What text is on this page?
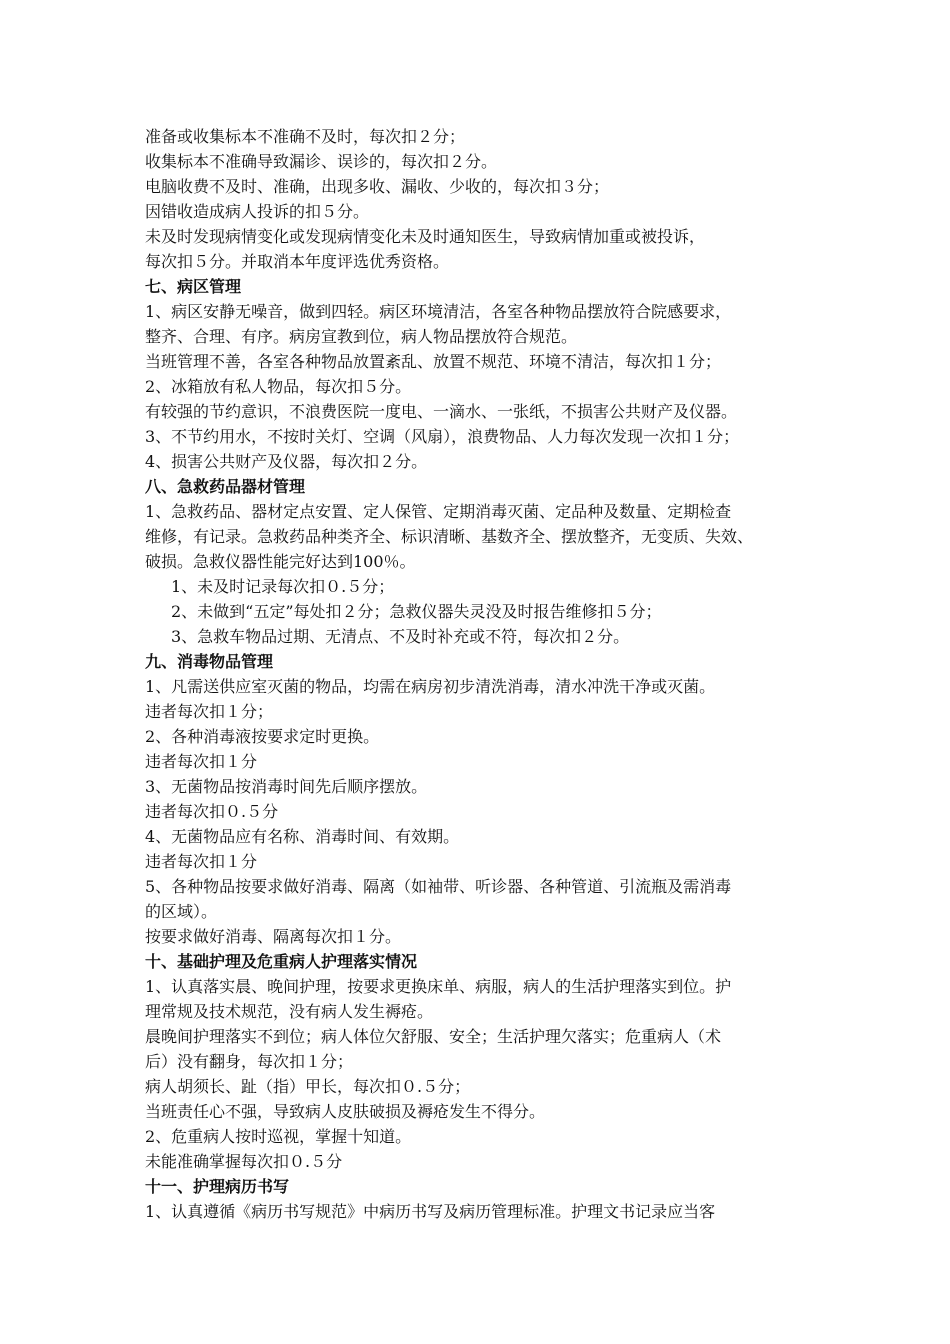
准备或收集标本不准确不及时，每次扣２分；
收集标本不准确导致漏诊、误诊的，每次扣２分。
电脑收费不及时、准确，出现多收、漏收、少收的，每次扣３分；
因错收造成病人投诉的扣５分。
未及时发现病情变化或发现病情变化未及时通知医生，导致病情加重或被投诉，
每次扣５分。并取消本年度评选优秀资格。
七、病区管理
1、病区安静无噪音，做到四轻。病区环境清洁，各室各种物品摆放符合院感要求，
整齐、合理、有序。病房宣教到位，病人物品摆放符合规范。
当班管理不善，各室各种物品放置紊乱、放置不规范、环境不清洁，每次扣１分；
2、冰箱放有私人物品，每次扣５分。
有较强的节约意识，不浪费医院一度电、一滴水、一张纸，不损害公共财产及仪器。
3、不节约用水，不按时关灯、空调（风扇），浪费物品、人力每次发现一次扣１分；
4、损害公共财产及仪器，每次扣２分。
八、急救药品器材管理
1、急救药品、器材定点安置、定人保管、定期消毒灭菌、定品种及数量、定期检查
维修，有记录。急救药品种类齐全、标识清晰、基数齐全、摆放整齐，无变质、失效、
破损。急救仪器性能完好达到100％。
1、未及时记录每次扣０.５分；
2、未做到“五定”每处扣２分；急救仪器失灵没及时报告维修扣５分；
3、急救车物品过期、无清点、不及时补充或不符，每次扣２分。
九、消毒物品管理
1、凡需送供应室灭菌的物品，均需在病房初步清洗消毒，清水冲洗干净或灭菌。
违者每次扣１分；
2、各种消毒液按要求定时更换。
违者每次扣１分
3、无菌物品按消毒时间先后顺序摆放。
违者每次扣０.５分
4、无菌物品应有名称、消毒时间、有效期。
违者每次扣１分
5、各种物品按要求做好消毒、隔离（如袖带、听诊器、各种管道、引流瓶及需消毒
的区域）。
按要求做好消毒、隔离每次扣１分。
十、基础护理及危重病人护理落实情况
1、认真落实晨、晚间护理，按要求更换床单、病服，病人的生活护理落实到位。护
理常规及技术规范，没有病人发生褥疮。
晨晚间护理落实不到位；病人体位欠舒服、安全；生活护理欠落实；危重病人（术
后）没有翻身，每次扣１分；
病人胡须长、趾（指）甲长，每次扣０.５分；
当班责任心不强，导致病人皮肤破损及褥疮发生不得分。
2、危重病人按时巡视，掌握十知道。
未能准确掌握每次扣０.５分
十一、护理病历书写
1、认真遵循《病历书写规范》中病历书写及病历管理标准。护理文书记录应当客
